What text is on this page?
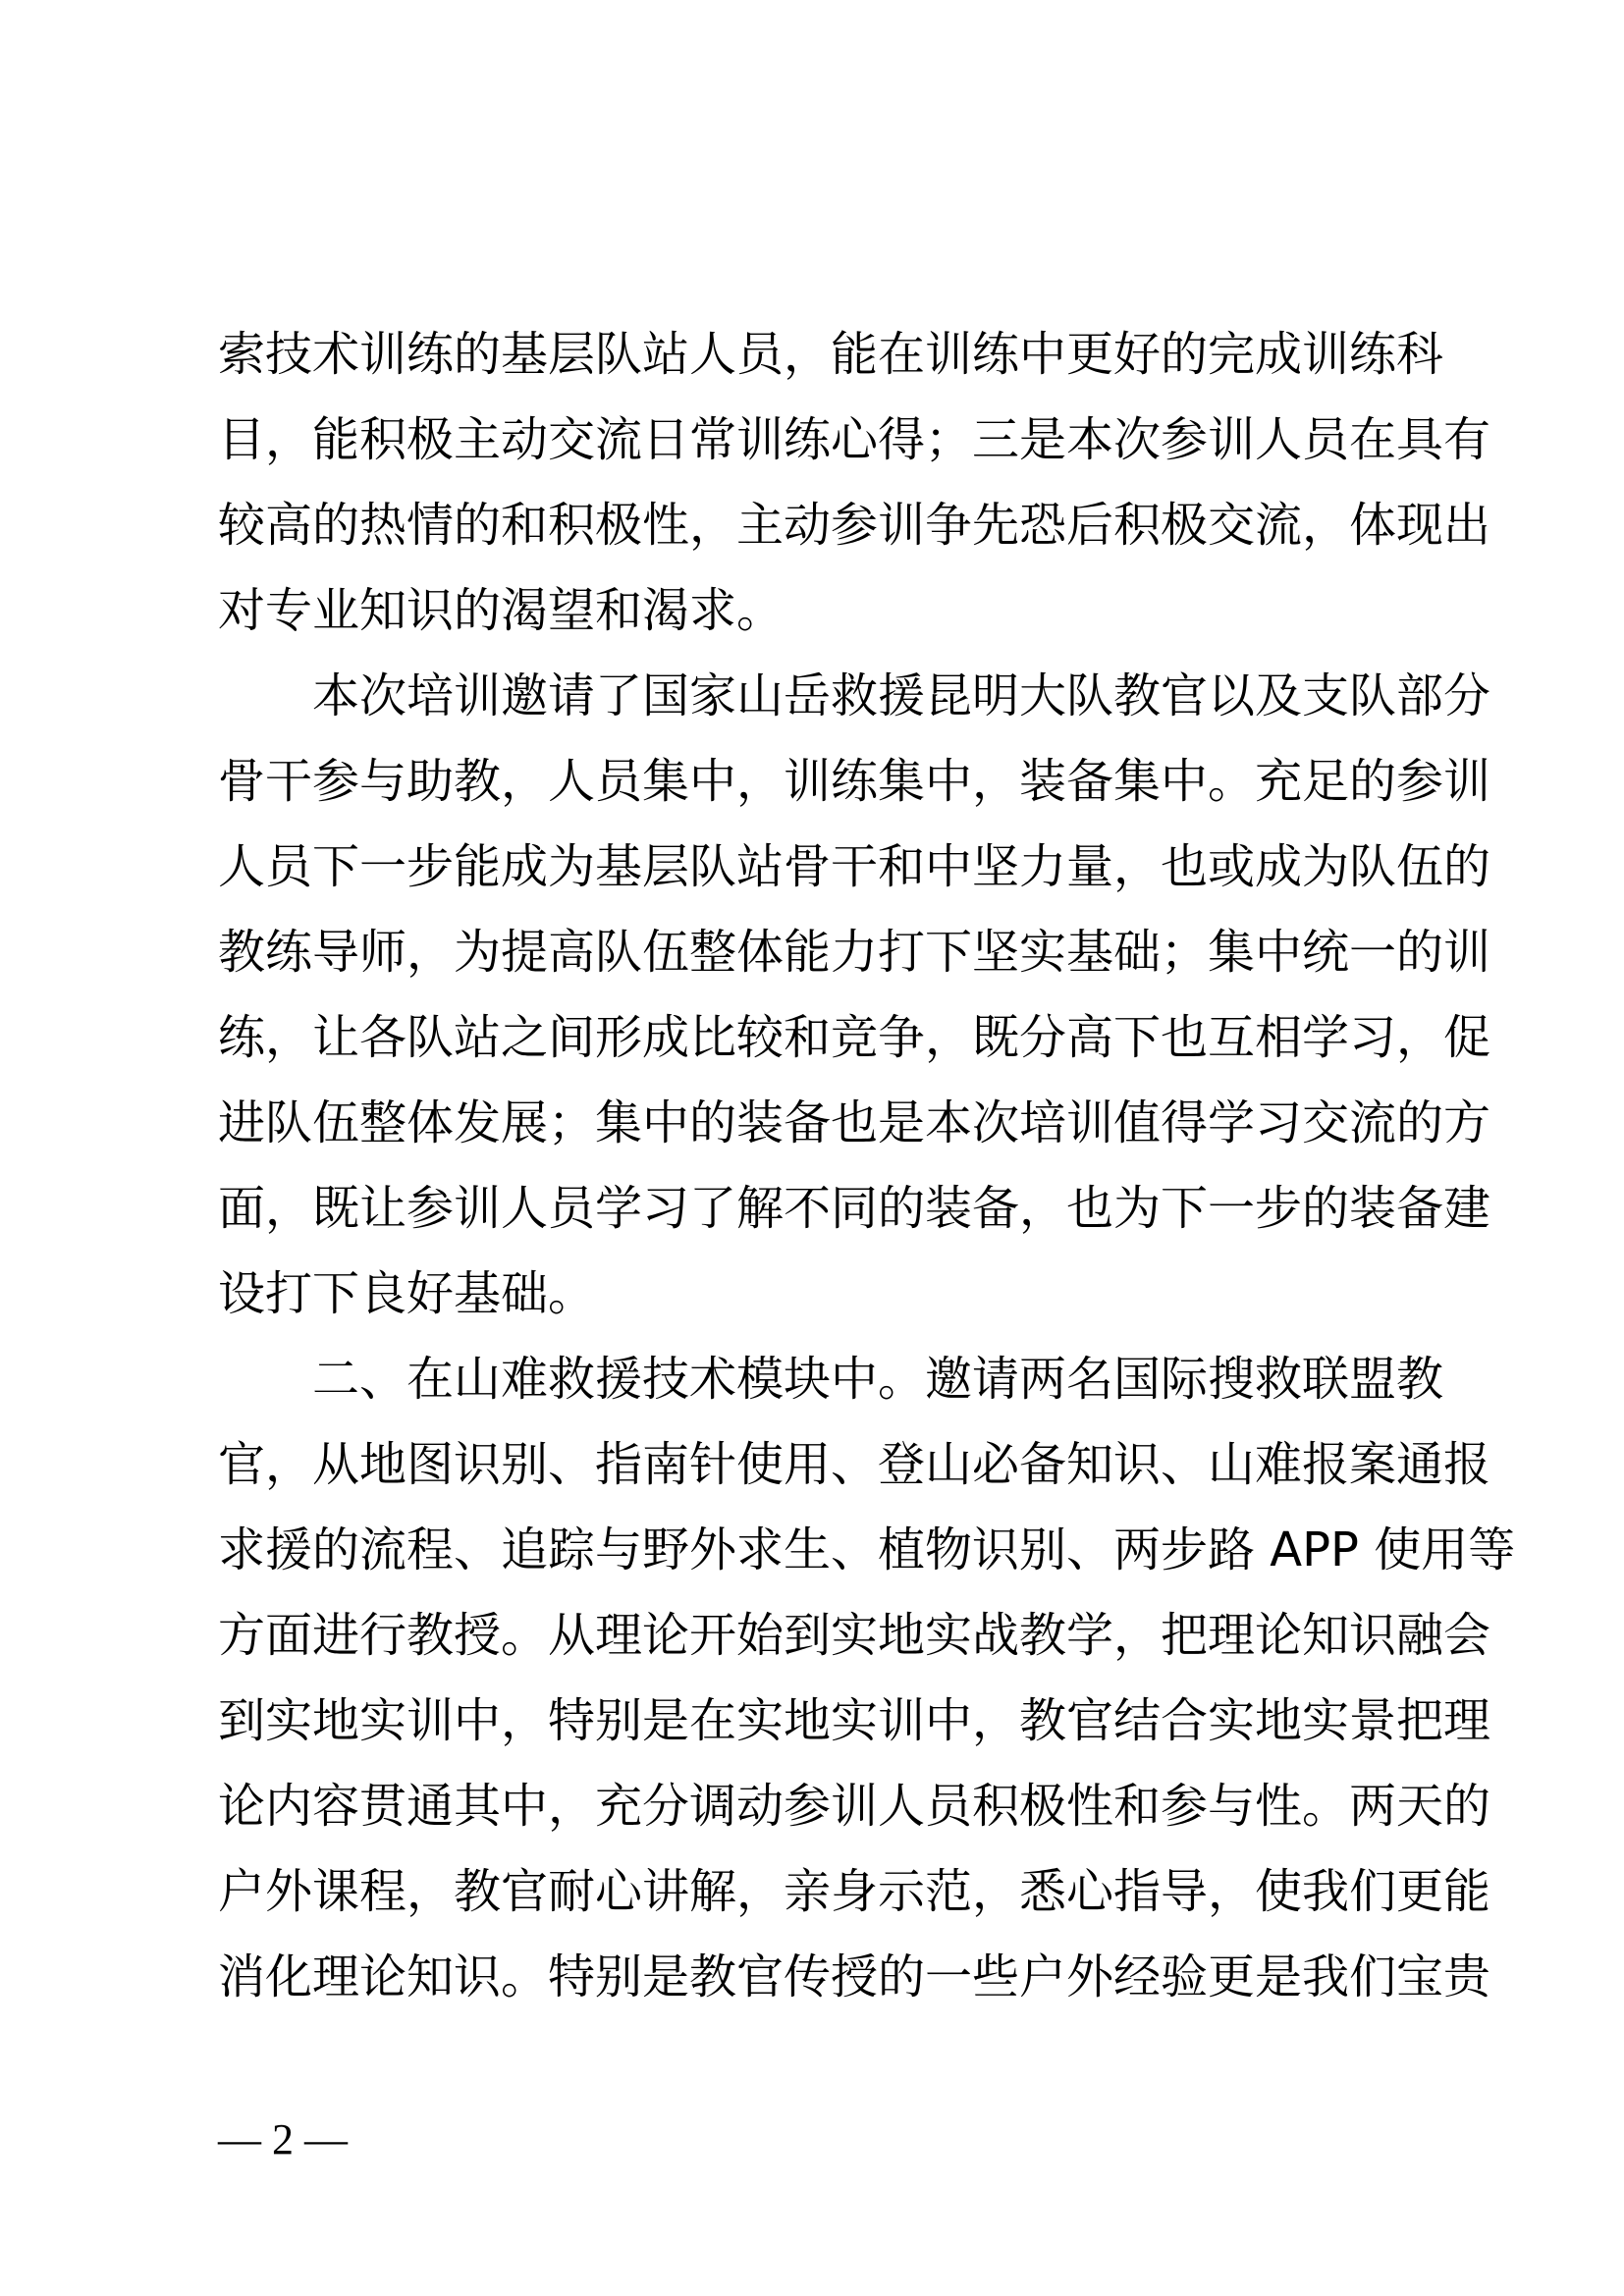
索技术训练的基层队站人员，能在训练中更好的完成训练科
目，能积极主动交流日常训练心得；三是本次参训人员在具有
较高的热情的和积极性，主动参训争先恐后积极交流，体现出
对专业知识的渴望和渴求。
本次培训邀请了国家山岳救援昆明大队教官以及支队部分
骨干参与助教，人员集中，训练集中，装备集中。充足的参训
人员下一步能成为基层队站骨干和中坚力量，也或成为队伍的
教练导师，为提高队伍整体能力打下坚实基础；集中统一的训
练，让各队站之间形成比较和竞争，既分高下也互相学习，促
进队伍整体发展；集中的装备也是本次培训值得学习交流的方
面，既让参训人员学习了解不同的装备，也为下一步的装备建
设打下良好基础。
二、在山难救援技术模块中。邀请两名国际搜救联盟教
官，从地图识别、指南针使用、登山必备知识、山难报案通报
求援的流程、追踪与野外求生、植物识别、两步路 APP 使用等
方面进行教授。从理论开始到实地实战教学，把理论知识融会
到实地实训中，特别是在实地实训中，教官结合实地实景把理
论内容贯通其中，充分调动参训人员积极性和参与性。两天的
户外课程，教官耐心讲解，亲身示范，悉心指导，使我们更能
消化理论知识。特别是教官传授的一些户外经验更是我们宝贵
— 2 —
